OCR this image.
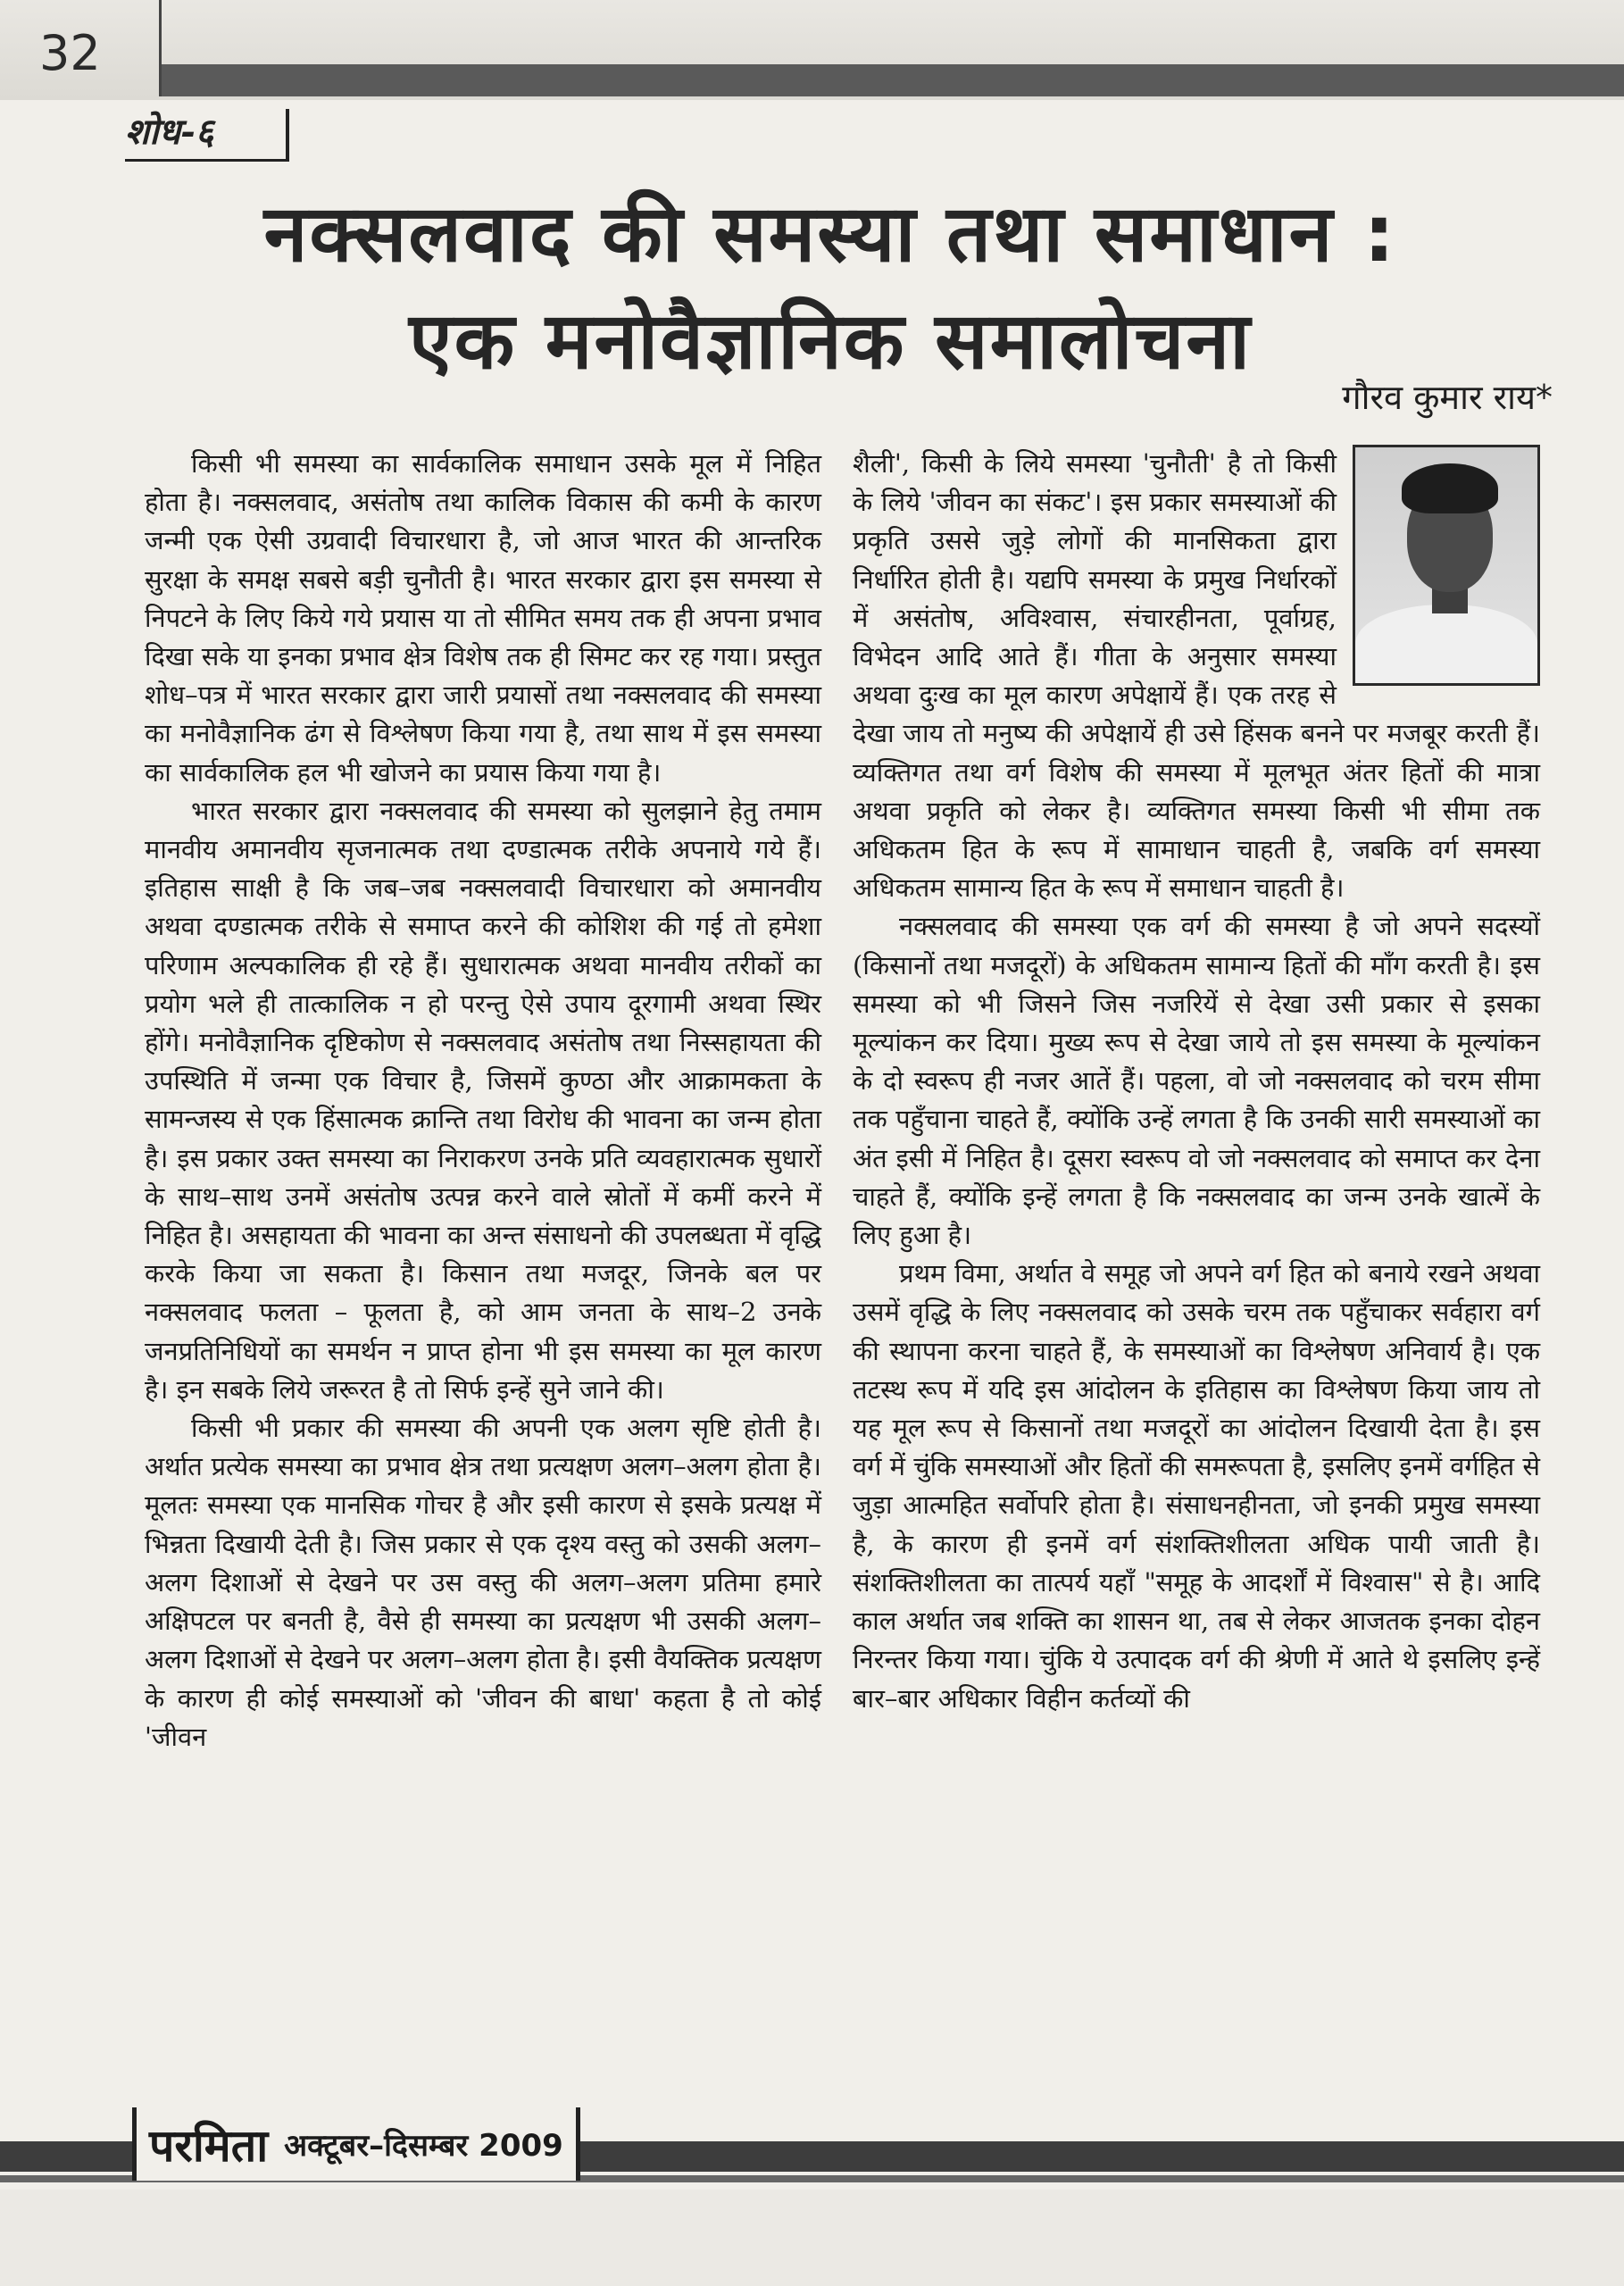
32
शोध-६
नक्सलवाद की समस्या तथा समाधान :
एक मनोवैज्ञानिक समालोचना
गौरव कुमार राय*

किसी भी समस्या का सार्वकालिक समाधान उसके मूल में निहित होता है। नक्सलवाद, असंतोष तथा कालिक विकास की कमी के कारण जन्मी एक ऐसी उग्रवादी विचारधारा है, जो आज भारत की आन्तरिक सुरक्षा के समक्ष सबसे बड़ी चुनौती है। भारत सरकार द्वारा इस समस्या से निपटने के लिए किये गये प्रयास या तो सीमित समय तक ही अपना प्रभाव दिखा सके या इनका प्रभाव क्षेत्र विशेष तक ही सिमट कर रह गया। प्रस्तुत शोध–पत्र में भारत सरकार द्वारा जारी प्रयासों तथा नक्सलवाद की समस्या का मनोवैज्ञानिक ढंग से विश्लेषण किया गया है, तथा साथ में इस समस्या का सार्वकालिक हल भी खोजने का प्रयास किया गया है।

भारत सरकार द्वारा नक्सलवाद की समस्या को सुलझाने हेतु तमाम मानवीय अमानवीय सृजनात्मक तथा दण्डात्मक तरीके अपनाये गये हैं। इतिहास साक्षी है कि जब–जब नक्सलवादी विचारधारा को अमानवीय अथवा दण्डात्मक तरीके से समाप्त करने की कोशिश की गई तो हमेशा परिणाम अल्पकालिक ही रहे हैं। सुधारात्मक अथवा मानवीय तरीकों का प्रयोग भले ही तात्कालिक न हो परन्तु ऐसे उपाय दूरगामी अथवा स्थिर होंगे। मनोवैज्ञानिक दृष्टिकोण से नक्सलवाद असंतोष तथा निस्सहायता की उपस्थिति में जन्मा एक विचार है, जिसमें कुण्ठा और आक्रामकता के सामन्जस्य से एक हिंसात्मक क्रान्ति तथा विरोध की भावना का जन्म होता है। इस प्रकार उक्त समस्या का निराकरण उनके प्रति व्यवहारात्मक सुधारों के साथ–साथ उनमें असंतोष उत्पन्न करने वाले स्रोतों में कमीं करने में निहित है। असहायता की भावना का अन्त संसाधनो की उपलब्धता में वृद्धि करके किया जा सकता है। किसान तथा मजदूर, जिनके बल पर नक्सलवाद फलता – फूलता है, को आम जनता के साथ–2 उनके जनप्रतिनिधियों का समर्थन न प्राप्त होना भी इस समस्या का मूल कारण है। इन सबके लिये जरूरत है तो सिर्फ इन्हें सुने जाने की।

किसी भी प्रकार की समस्या की अपनी एक अलग सृष्टि होती है। अर्थात प्रत्येक समस्या का प्रभाव क्षेत्र तथा प्रत्यक्षण अलग–अलग होता है। मूलतः समस्या एक मानसिक गोचर है और इसी कारण से इसके प्रत्यक्ष में भिन्नता दिखायी देती है। जिस प्रकार से एक दृश्य वस्तु को उसकी अलग–अलग दिशाओं से देखने पर उस वस्तु की अलग–अलग प्रतिमा हमारे अक्षिपटल पर बनती है, वैसे ही समस्या का प्रत्यक्षण भी उसकी अलग–अलग दिशाओं से देखने पर अलग–अलग होता है। इसी वैयक्तिक प्रत्यक्षण के कारण ही कोई समस्याओं को 'जीवन की बाधा' कहता है तो कोई 'जीवन

शैली', किसी के लिये समस्या 'चुनौती' है तो किसी के लिये 'जीवन का संकट'। इस प्रकार समस्याओं की प्रकृति उससे जुड़े लोगों की मानसिकता द्वारा निर्धारित होती है। यद्यपि समस्या के प्रमुख निर्धारकों में असंतोष, अविश्वास, संचारहीनता, पूर्वाग्रह, विभेदन आदि आते हैं। गीता के अनुसार समस्या अथवा दुःख का मूल कारण अपेक्षायें हैं। एक तरह से देखा जाय तो मनुष्य की अपेक्षायें ही उसे हिंसक बनने पर मजबूर करती हैं। व्यक्तिगत तथा वर्ग विशेष की समस्या में मूलभूत अंतर हितों की मात्रा अथवा प्रकृति को लेकर है। व्यक्तिगत समस्या किसी भी सीमा तक अधिकतम हित के रूप में सामाधान चाहती है, जबकि वर्ग समस्या अधिकतम सामान्य हित के रूप में समाधान चाहती है।

नक्सलवाद की समस्या एक वर्ग की समस्या है जो अपने सदस्यों (किसानों तथा मजदूरों) के अधिकतम सामान्य हितों की माँग करती है। इस समस्या को भी जिसने जिस नजरियें से देखा उसी प्रकार से इसका मूल्यांकन कर दिया। मुख्य रूप से देखा जाये तो इस समस्या के मूल्यांकन के दो स्वरूप ही नजर आतें हैं। पहला, वो जो नक्सलवाद को चरम सीमा तक पहुँचाना चाहते हैं, क्योंकि उन्हें लगता है कि उनकी सारी समस्याओं का अंत इसी में निहित है। दूसरा स्वरूप वो जो नक्सलवाद को समाप्त कर देना चाहते हैं, क्योंकि इन्हें लगता है कि नक्सलवाद का जन्म उनके खात्में के लिए हुआ है।

प्रथम विमा, अर्थात वे समूह जो अपने वर्ग हित को बनाये रखने अथवा उसमें वृद्धि के लिए नक्सलवाद को उसके चरम तक पहुँचाकर सर्वहारा वर्ग की स्थापना करना चाहते हैं, के समस्याओं का विश्लेषण अनिवार्य है। एक तटस्थ रूप में यदि इस आंदोलन के इतिहास का विश्लेषण किया जाय तो यह मूल रूप से किसानों तथा मजदूरों का आंदोलन दिखायी देता है। इस वर्ग में चुंकि समस्याओं और हितों की समरूपता है, इसलिए इनमें वर्गहित से जुड़ा आत्महित सर्वोपरि होता है। संसाधनहीनता, जो इनकी प्रमुख समस्या है, के कारण ही इनमें वर्ग संशक्तिशीलता अधिक पायी जाती है। संशक्तिशीलता का तात्पर्य यहाँ "समूह के आदर्शों में विश्वास" से है। आदि काल अर्थात जब शक्ति का शासन था, तब से लेकर आजतक इनका दोहन निरन्तर किया गया। चुंकि ये उत्पादक वर्ग की श्रेणी में आते थे इसलिए इन्हें बार–बार अधिकार विहीन कर्तव्यों की

परमिता अक्टूबर–दिसम्बर 2009
